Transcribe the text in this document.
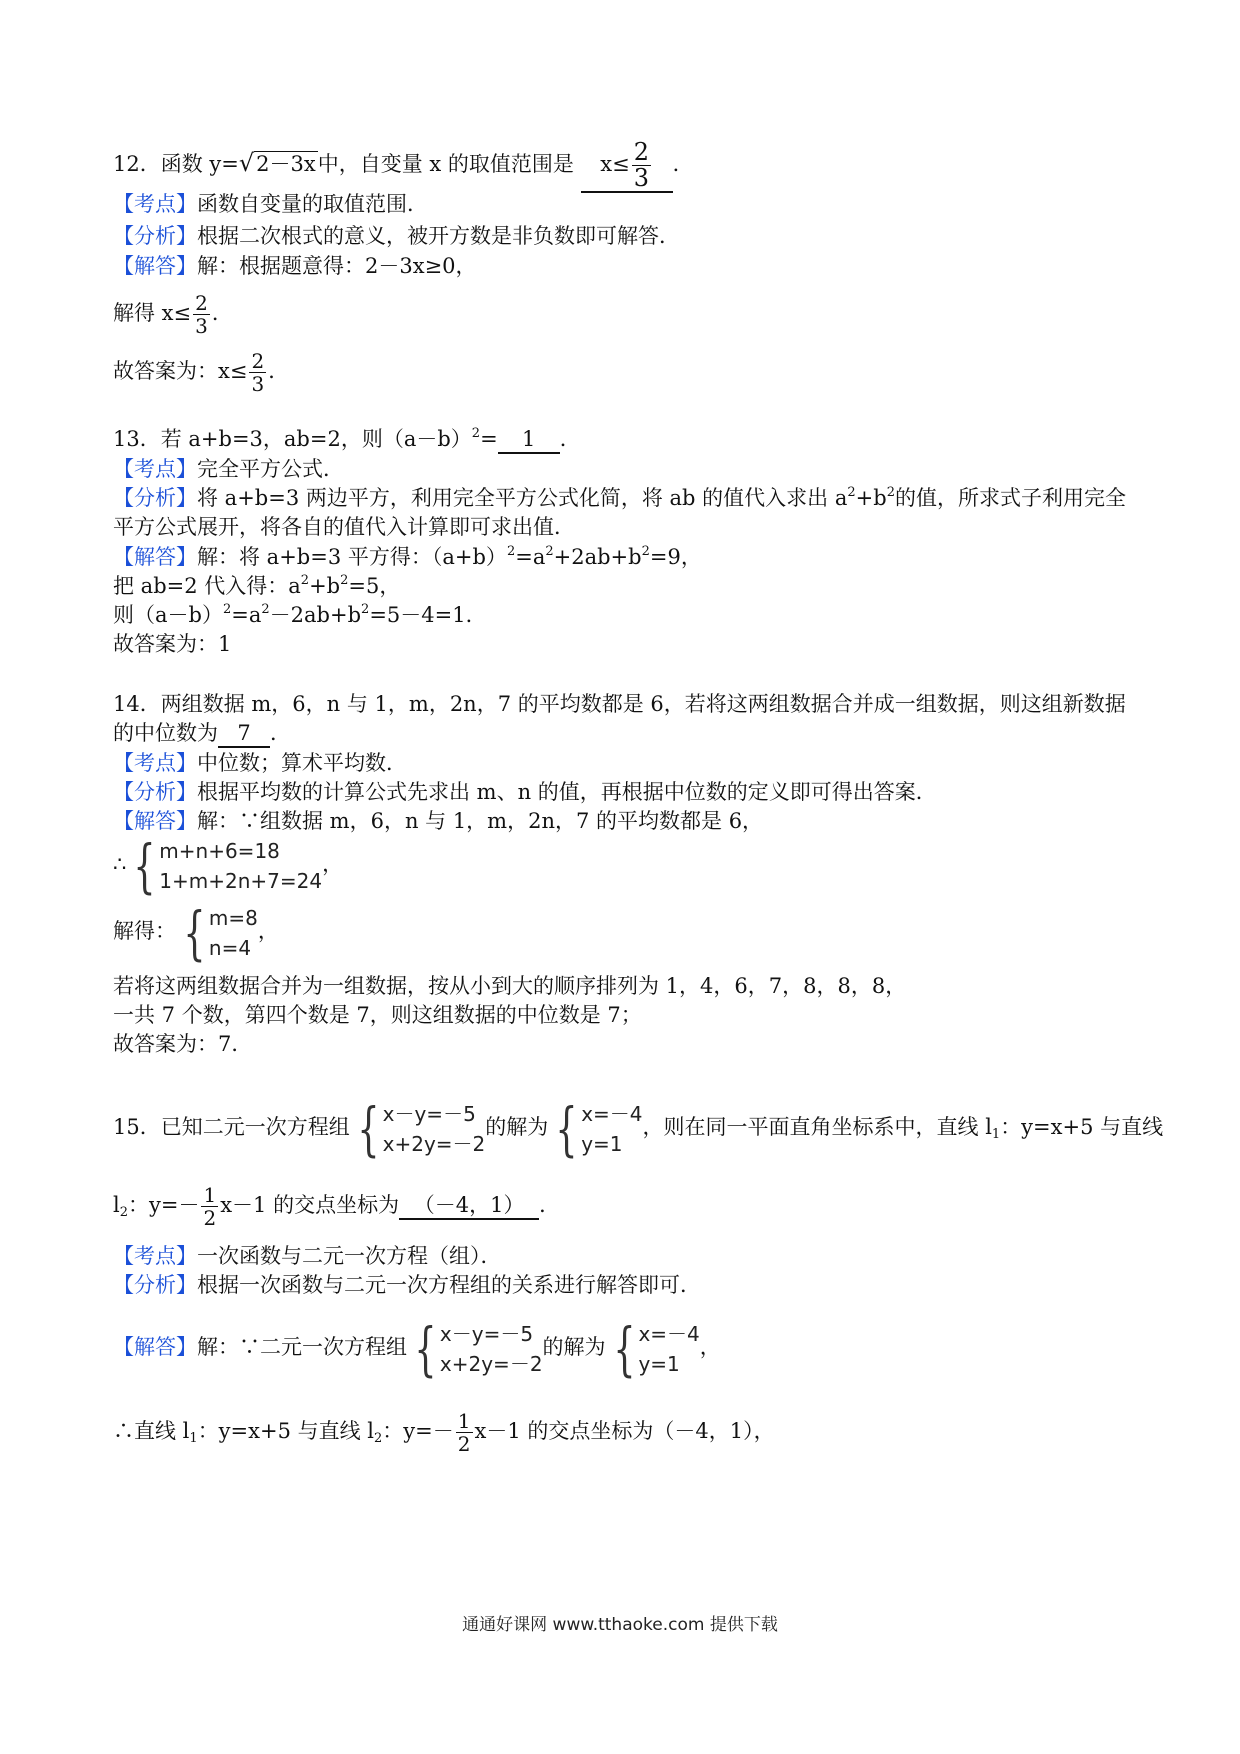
12．函数 y=√2－3x中，自变量 x 的取值范围是 $x\le \frac{2}{3}$ ．
【考点】函数自变量的取值范围．
【分析】根据二次根式的意义，被开方数是非负数即可解答．
【解答】解：根据题意得：2－3x≥0，
解得 $x\le \frac{2}{3}$ ．
故答案为：$x\le \frac{2}{3}$ ．
13．若 a+b=3，ab=2，则$(a-b)^2= 1$ ．
【考点】完全平方公式．
【分析】将 a+b=3 两边平方，利用完全平方公式化简，将 ab 的值代入求出 $a^2+b^2$的值，所求式子利用完全
平方公式展开，将各自的值代入计算即可求出值．
【解答】解：将 a+b=3 平方得：$(a+b)^2=a^2+2ab+b^2=9$，
把 ab=2 代入得：$a^2+b^2=5$，
则$(a-b)^2=a^2-2ab+b^2=5-4=1$．
故答案为：1
14．两组数据 m，6，n 与 1，m，2n，7 的平均数都是 6，若将这两组数据合并成一组数据，则这组新数据
的中位数为 7 ．
【考点】中位数；算术平均数．
【分析】根据平均数的计算公式先求出 m、n 的值，再根据中位数的定义即可得出答案．
【解答】解：∵组数据 m，6，n 与 1，m，2n，7 的平均数都是 6，
∴ { m+n+6=18
1+m+2n+7=24
，
解得： { m=8
n=4
，
若将这两组数据合并为一组数据，按从小到大的顺序排列为 1，4，6，7，8，8，8，
一共 7 个数，第四个数是 7，则这组数据的中位数是 7；
故答案为：7．
15．已知二元一次方程组 { x－y=－5
x+2y=－2
的解为 { x=－4
y=1
，则在同一平面直角坐标系中，直线 $l_1$：y=x+5 与直线
$l_2$：$y=- \frac{1}{2} x-1$ 的交点坐标为 （－4，1） ．
【考点】一次函数与二元一次方程（组）．
【分析】根据一次函数与二元一次方程组的关系进行解答即可．
【解答】解：∵二元一次方程组 { x－y=－5
x+2y=－2
的解为 { x=－4
y=1
，
∴直线 $l_1$：y=x+5 与直线 $l_2$：$y=- \frac{1}{2} x-1$ 的交点坐标为（－4，1），
通通好课网 www.tthaoke.com 提供下载
